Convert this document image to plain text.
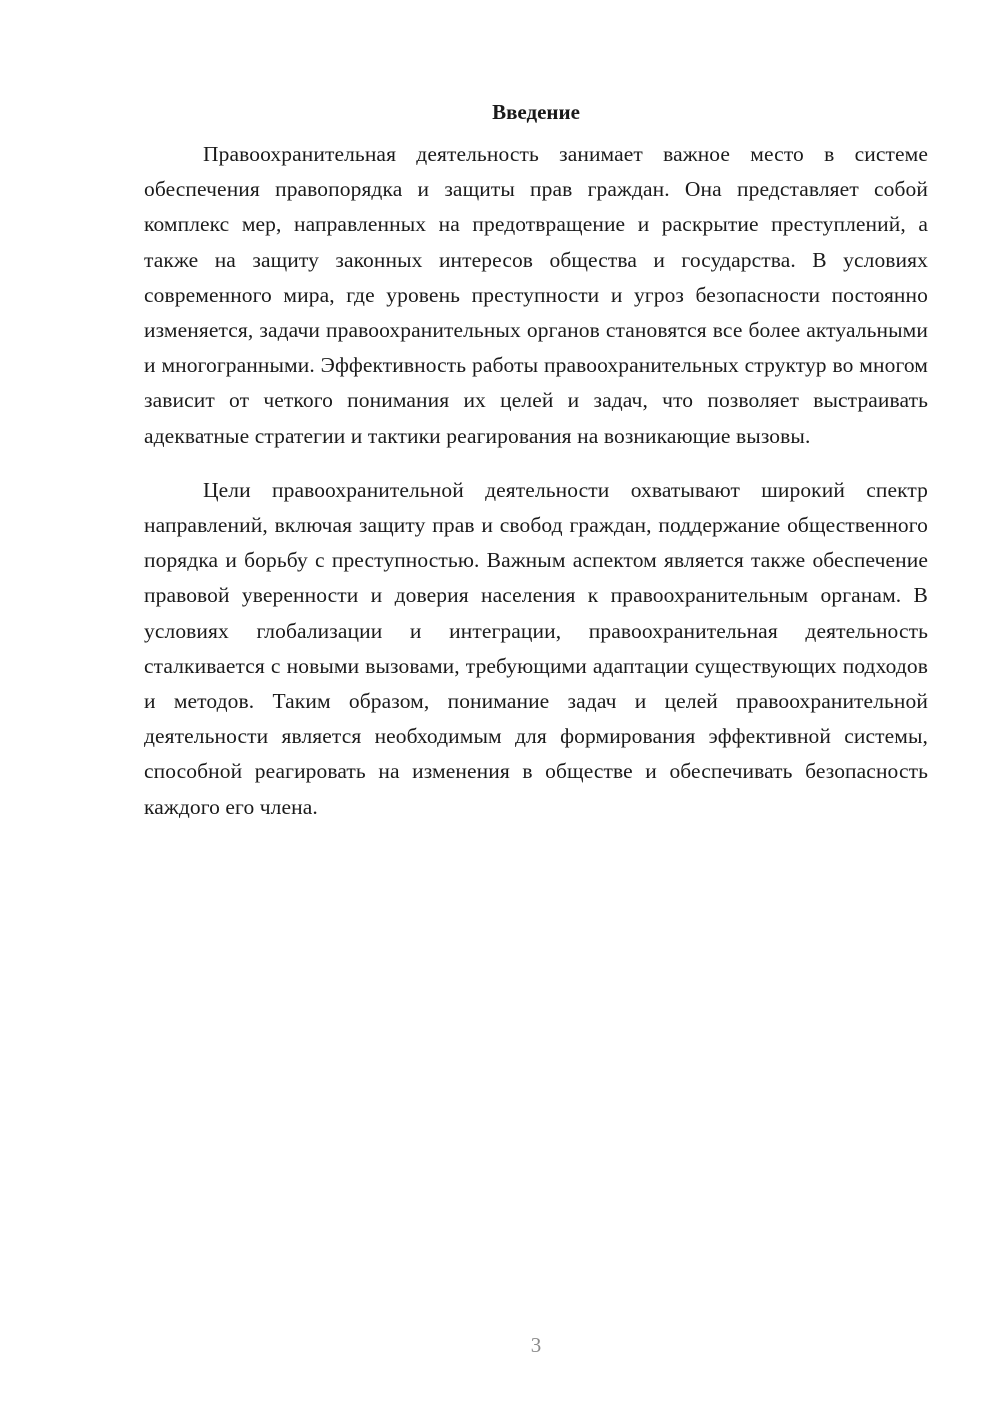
Введение

Правоохранительная деятельность занимает важное место в системе обеспечения правопорядка и защиты прав граждан. Она представляет собой комплекс мер, направленных на предотвращение и раскрытие преступлений, а также на защиту законных интересов общества и государства. В условиях современного мира, где уровень преступности и угроз безопасности постоянно изменяется, задачи правоохранительных органов становятся все более актуальными и многогранными. Эффективность работы правоохранительных структур во многом зависит от четкого понимания их целей и задач, что позволяет выстраивать адекватные стратегии и тактики реагирования на возникающие вызовы.

Цели правоохранительной деятельности охватывают широкий спектр направлений, включая защиту прав и свобод граждан, поддержание общественного порядка и борьбу с преступностью. Важным аспектом является также обеспечение правовой уверенности и доверия населения к правоохранительным органам. В условиях глобализации и интеграции, правоохранительная деятельность сталкивается с новыми вызовами, требующими адаптации существующих подходов и методов. Таким образом, понимание задач и целей правоохранительной деятельности является необходимым для формирования эффективной системы, способной реагировать на изменения в обществе и обеспечивать безопасность каждого его члена.

3
